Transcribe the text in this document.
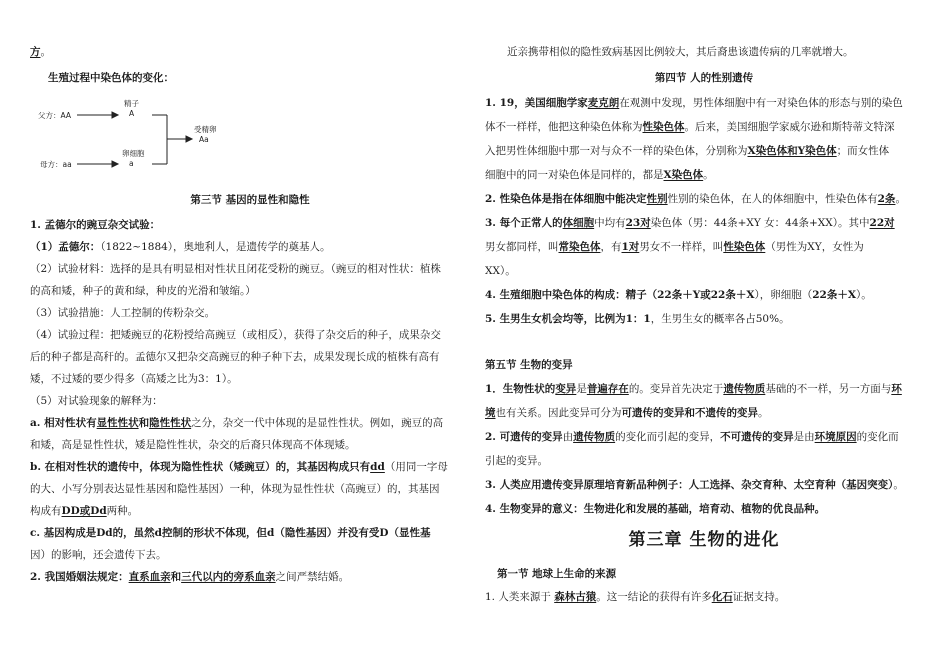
方。
生殖过程中染色体的变化：
父方：AA
母方：aa
精子
A
卵细胞
a
受精卵
Aa
第三节 基因的显性和隐性
1. 孟德尔的豌豆杂交试验：
（1）孟德尔：（1822~1884），奥地利人，是遗传学的奠基人。
（2）试验材料：选择的是具有明显相对性状且闭花受粉的豌豆。（豌豆的相对性状：植株
的高和矮，种子的黄和绿，种皮的光滑和皱缩。）
（3）试验措施：人工控制的传粉杂交。
（4）试验过程：把矮豌豆的花粉授给高豌豆（或相反），获得了杂交后的种子，成果杂交
后的种子都是高秆的。孟德尔又把杂交高豌豆的种子种下去，成果发现长成的植株有高有
矮，不过矮的要少得多（高矮之比为3：1）。
（5）对试验现象的解释为：
a. 相对性状有显性性状和隐性性状之分，杂交一代中体现的是显性性状。例如，豌豆的高
和矮，高是显性性状，矮是隐性性状，杂交的后裔只体现高不体现矮。
b. 在相对性状的遗传中，体现为隐性性状（矮豌豆）的，其基因构成只有dd（用同一字母
的大、小写分别表达显性基因和隐性基因）一种，体现为显性性状（高豌豆）的，其基因
构成有DD或Dd两种。
c. 基因构成是Dd的，虽然d控制的形状不体现，但d（隐性基因）并没有受D（显性基
因）的影响，还会遗传下去。
2. 我国婚姻法规定：直系血亲和三代以内的旁系血亲之间严禁结婚。
近亲携带相似的隐性致病基因比例较大，其后裔患该遗传病的几率就增大。
第四节 人的性别遗传
1. 19，美国细胞学家麦克朗在观测中发现，男性体细胞中有一对染色体的形态与别的染色
体不一样样，他把这种染色体称为性染色体。后来，美国细胞学家威尔逊和斯特蒂文特深
入把男性体细胞中那一对与众不一样的染色体，分别称为X染色体和Y染色体；而女性体
细胞中的同一对染色体是同样的，都是X染色体。
2. 性染色体是指在体细胞中能决定性别性别的染色体，在人的体细胞中，性染色体有2条。
3. 每个正常人的体细胞中均有23对染色体（男：44条+XY 女：44条+XX）。其中22对
男女都同样，叫常染色体，有1对男女不一样样，叫性染色体（男性为XY，女性为
XX）。
4. 生殖细胞中染色体的构成：精子（22条＋Y或22条＋X），卵细胞（22条＋X）。
5. 生男生女机会均等，比例为1：1，生男生女的概率各占50%。
第五节 生物的变异
1．生物性状的变异是普遍存在的。变异首先决定于遗传物质基础的不一样，另一方面与环
境也有关系。因此变异可分为可遗传的变异和不遗传的变异。
2. 可遗传的变异由遗传物质的变化而引起的变异，不可遗传的变异是由环境原因的变化而
引起的变异。
3. 人类应用遗传变异原理培育新品种例子：人工选择、杂交育种、太空育种（基因突变）。
4. 生物变异的意义：生物进化和发展的基础，培育动、植物的优良品种。
第三章 生物的进化
第一节 地球上生命的来源
1. 人类来源于 森林古猿。这一结论的获得有许多化石证据支持。
